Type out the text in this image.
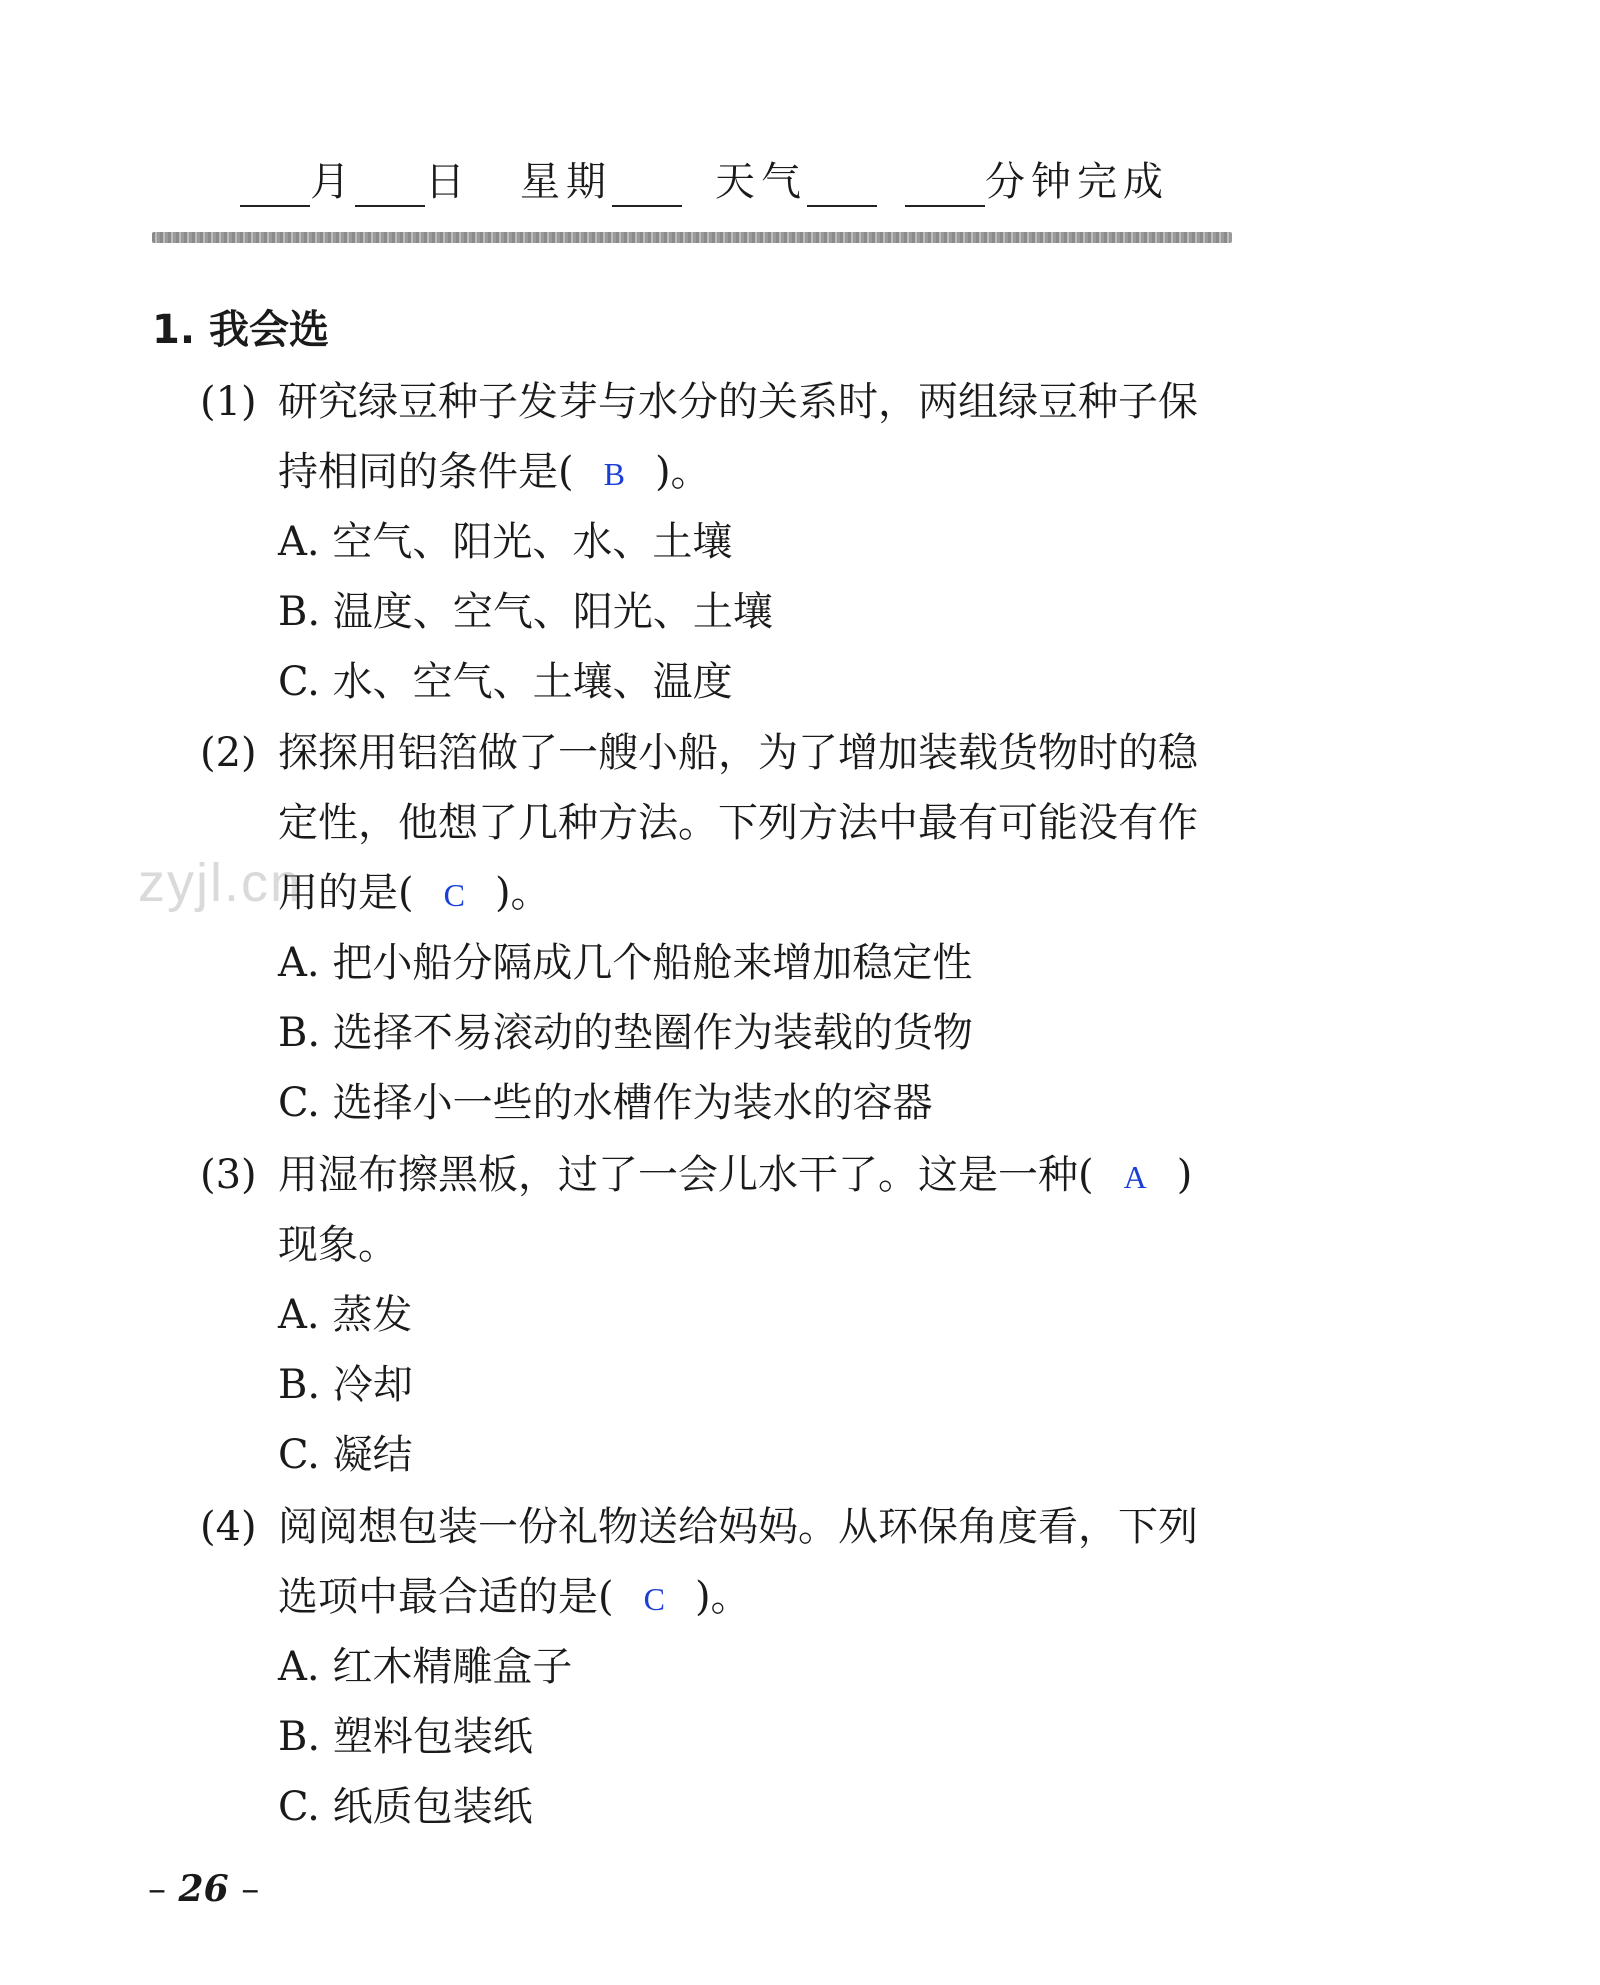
月	日 星期	天气	分钟完成
1. 我会选
(1) 研究绿豆种子发芽与水分的关系时，两组绿豆种子保
持相同的条件是( B )。
A. 空气、阳光、水、土壤
B. 温度、空气、阳光、土壤
C. 水、空气、土壤、温度
(2) 探探用铝箔做了一艘小船，为了增加装载货物时的稳
定性，他想了几种方法。下列方法中最有可能没有作
用的是( C )。
A. 把小船分隔成几个船舱来增加稳定性
B. 选择不易滚动的垫圈作为装载的货物
C. 选择小一些的水槽作为装水的容器
(3) 用湿布擦黑板，过了一会儿水干了。这是一种( A )
现象。
A. 蒸发
B. 冷却
C. 凝结
(4) 阅阅想包装一份礼物送给妈妈。从环保角度看，下列
选项中最合适的是( C )。
A. 红木精雕盒子
B. 塑料包装纸
C. 纸质包装纸
zyjl.cn
– 26 –
